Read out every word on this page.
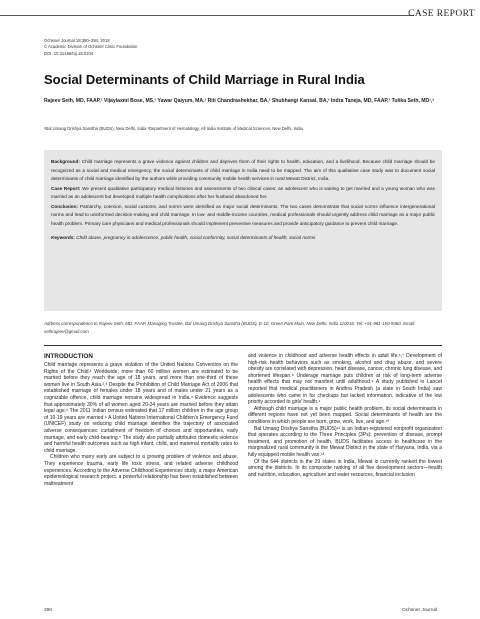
CASE REPORT
Ochsner Journal 18:390–394, 2018
© Academic Division of Ochsner Clinic Foundation
DOI: 10.31486/toj.18.0104
Social Determinants of Child Marriage in Rural India
Rajeev Seth, MD, FAAP,¹ Vijaylaxmi Bose, MS,¹ Yawar Qaiyum, MA,¹ Riti Chandrashekhar, BA,¹ Shubhangi Kansal, BA,¹ Indra Taneja, MD, FAAP,¹ Tulika Seth, MD¹,²
¹Bal Umang Drishya Sanstha (BUDS), New Delhi, India ²Department of Hematology, All India Institute of Medical Sciences, New Delhi, India

Background: Child marriage represents a grave violence against children and deprives them of their rights to health, education, and a livelihood. Because child marriage should be recognized as a social and medical emergency, the social determinants of child marriage in India need to be mapped. The aim of this qualitative case study was to document social determinants of child marriage identified by the authors while providing community mobile health services in rural Mewat District, India.

Case Report: We present qualitative participatory medical histories and assessments of two clinical cases: an adolescent who is waiting to get married and a young woman who was married as an adolescent but developed multiple health complications after her husband abandoned her.

Conclusion: Patriarchy, coercion, social customs, and norms were identified as major social determinants. The two cases demonstrate that social norms influence intergenerational norms and lead to uninformed decision-making and child marriage. In low- and middle-income countries, medical professionals should urgently address child marriage as a major public health problem. Primary care physicians and medical professionals should implement preventive measures and provide anticipatory guidance to prevent child marriage.

Keywords: Child abuse, pregnancy in adolescence, public health, social conformity, social determinants of health, social norms

Address correspondence to Rajeev Seth, MD, FAAP, Managing Trustee, Bal Umang Drishya Sanstha (BUDS), E-10, Green Park Main, New Delhi, India 110016. Tel: +91-981-150-9460. Email: sethrajeev@gmail.com
INTRODUCTION

Child marriage represents a grave violation of the United Nations Convention on the Rights of the Child.¹ Worldwide, more than 60 million women are estimated to be married before they reach the age of 18 years, and more than one-third of these women live in South Asia.²,³ Despite the Prohibition of Child Marriage Act of 2006 that established marriage of females under 18 years and of males under 21 years as a cognizable offence, child marriage remains widespread in India.⁴ Evidence suggests that approximately 30% of all women aged 20-24 years are married before they attain legal age.⁵ The 2011 Indian census estimated that 17 million children in the age group of 10-19 years are married.⁶ A United Nations International Children's Emergency Fund (UNICEF) study on reducing child marriage identifies the trajectory of associated adverse consequences: curtailment of freedom of choices and opportunities, early marriage, and early child-bearing.⁵ The study also partially attributes domestic violence and harmful health outcomes such as high infant, child, and maternal mortality rates to child marriage.

Children who marry early are subject to a growing problem of violence and abuse. They experience trauma, early life toxic stress, and related adverse childhood experiences. According to the Adverse Childhood Experiences study, a major American epidemiological research project, a powerful relationship has been established between maltreatment

and violence in childhood and adverse health effects in adult life.⁶,⁷ Development of high-risk health behaviors such as smoking, alcohol and drug abuse, and severe obesity are correlated with depression, heart disease, cancer, chronic lung disease, and shortened lifespan.⁸ Underage marriage puts children at risk of long-term adverse health effects that may not manifest until adulthood.⁹ A study published in Lancet reported that medical practitioners in Andhra Pradesh (a state in South India) saw adolescents who came in for checkups but lacked information, indicative of the low priority accorded to girls' health.⁹

Although child marriage is a major public health problem, its social determinants in different regions have not yet been mapped. Social determinants of health are the conditions in which people are born, grow, work, live, and age.¹⁰

Bal Umang Drishya Sanstha (BUDS)¹¹ is an Indian-registered nonprofit organization that operates according to the Three Principles (3Ps): prevention of disease, prompt treatment, and promotion of health. BUDS facilitates access to healthcare in the marginalized rural community in the Mewat District in the state of Haryana, India, via a fully equipped mobile health van.¹²

Of the 644 districts in the 29 states in India, Mewat is currently ranked the lowest among the districts. In its composite ranking of all five development sectors—health and nutrition, education, agriculture and water resources, financial inclusion

390	Ochsner Journal
